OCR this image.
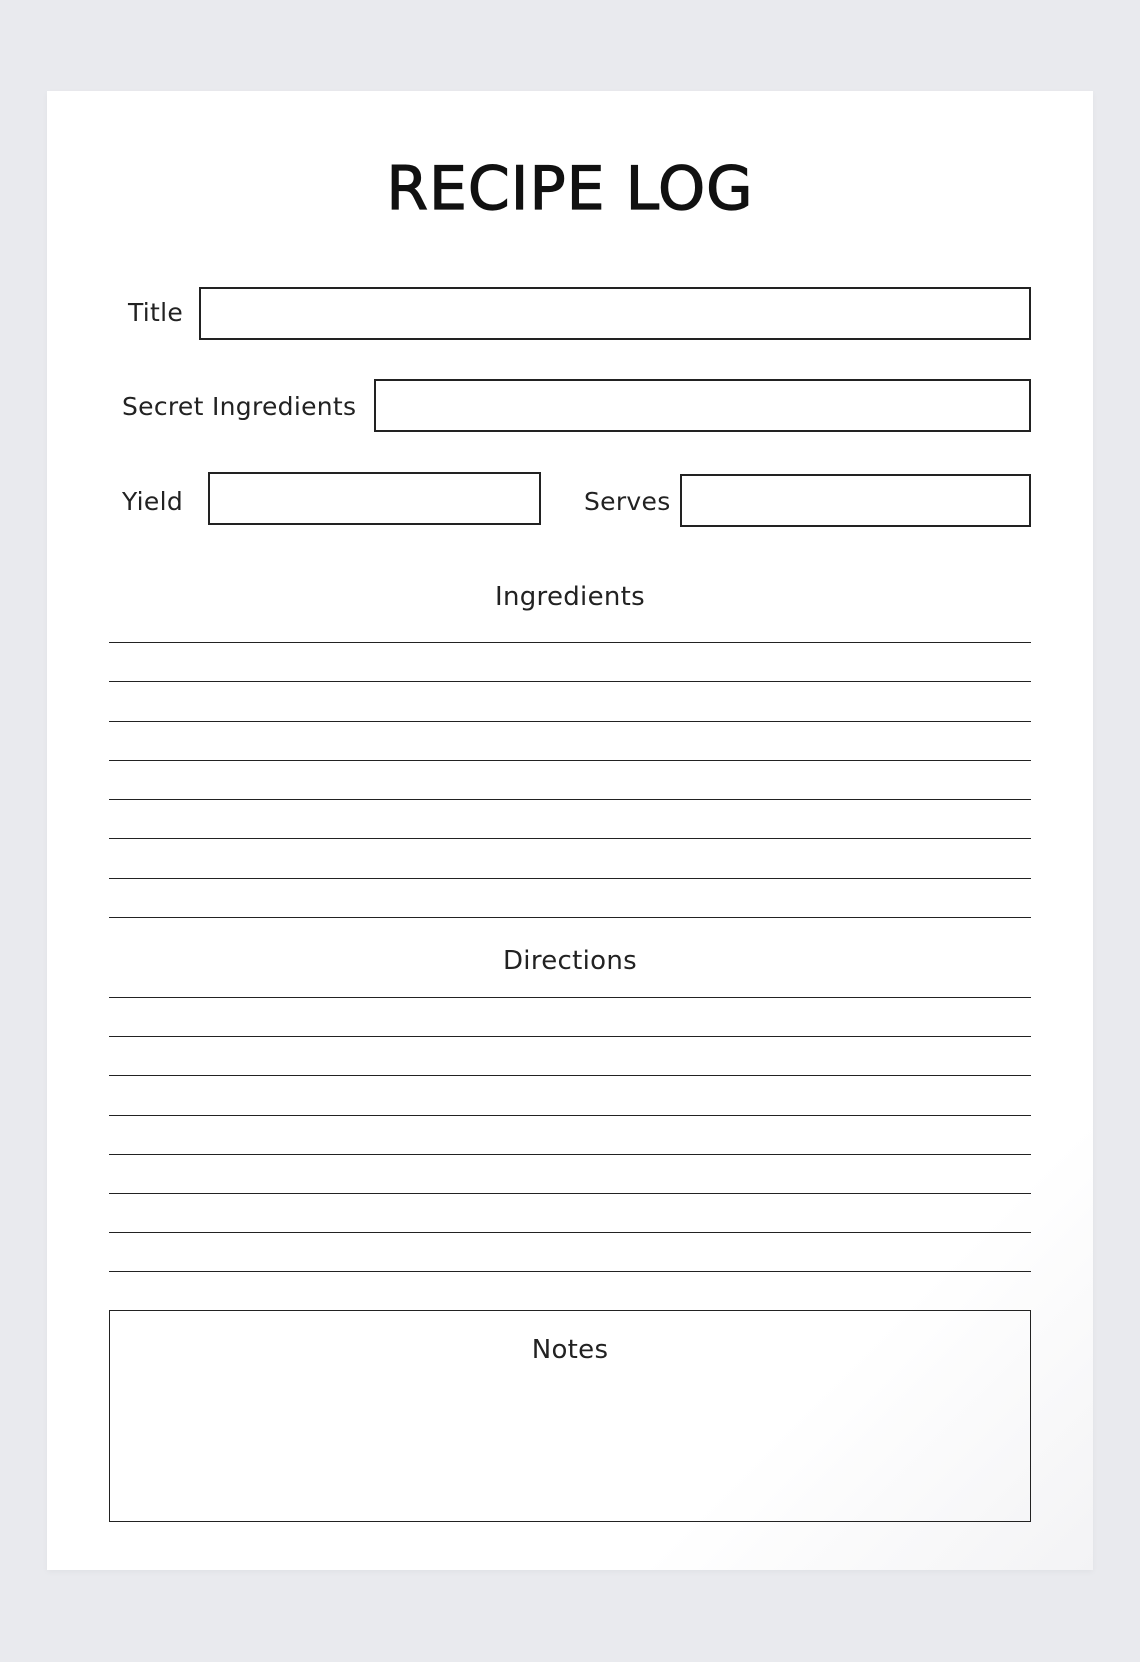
RECIPE LOG
Title
Secret Ingredients
Yield	Serves
Ingredients
Directions
Notes
